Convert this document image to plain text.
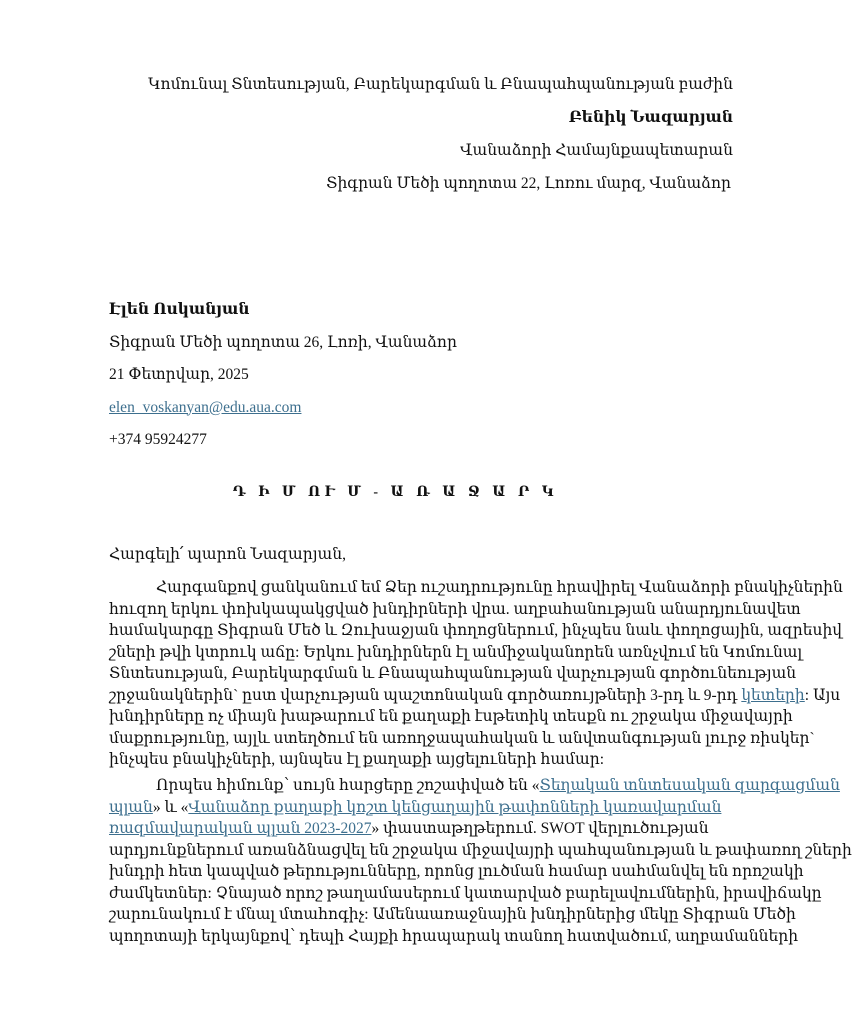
Կոմունալ Տնտեսության, Բարեկարգման և Բնապահպանության բաժին
Բենիկ Նազարյան
Վանաձորի Համայնքապետարան
Տիգրան Մեծի պողոտա 22, Լոռու մարզ, Վանաձոր
Էլեն Ոսկանյան
Տիգրան Մեծի պողոտա 26, Լոռի, Վանաձոր
21 Փետրվար, 2025
elen_voskanyan@edu.aua.com
+374 95924277
Դ Ի Մ ՈՒ Մ - Ա Ռ Ա Ջ Ա Ր Կ
Հարգելի՛ պարոն Նազարյան,
Հարգանքով ցանկանում եմ Ձեր ուշադրությունը հրավիրել Վանաձորի բնակիչներին
հուզող երկու փոխկապակցված խնդիրների վրա. աղբահանության անարդյունավետ
համակարգը Տիգրան Մեծ և Զուխաջյան փողոցներում, ինչպես նաև փողոցային, ազրեսիվ
շների թվի կտրուկ աճը: Երկու խնդիրներն էլ անմիջականորեն առնչվում են Կոմունալ
Տնտեսության, Բարեկարգման և Բնապահպանության վարչության գործունեության
շրջանակներին` ըստ վարչության պաշտոնական գործառույթների 3-րդ և 9-րդ կետերի: Այս
խնդիրները ոչ միայն խաթարում են քաղաքի էսթետիկ տեսքն ու շրջակա միջավայրի
մաքրությունը, այլև ստեղծում են առողջապահական և անվտանգության լուրջ ռիսկեր`
ինչպես բնակիչների, այնպես էլ քաղաքի այցելուների համար:
Որպես հիմունք՝ սույն հարցերը շոշափված են «Տեղական տնտեսական զարգացման
պլան» և «Վանաձոր քաղաքի կոշտ կենցաղային թափոնների կառավարման
ռազմավարական պլան 2023-2027» փաստաթղթերում. SWOT վերլուծության
արդյունքներում առանձնացվել են շրջակա միջավայրի պահպանության և թափառող շների
խնդրի հետ կապված թերությունները, որոնց լուծման համար սահմանվել են որոշակի
ժամկետներ: Չնայած որոշ թաղամասերում կատարված բարելավումներին, իրավիճակը
շարունակում է մնալ մտահոգիչ: Ամենաառաջնային խնդիրներից մեկը Տիգրան Մեծի
պողոտայի երկայնքով՝ դեպի Հայքի հրապարակ տանող հատվածում, աղբամանների
